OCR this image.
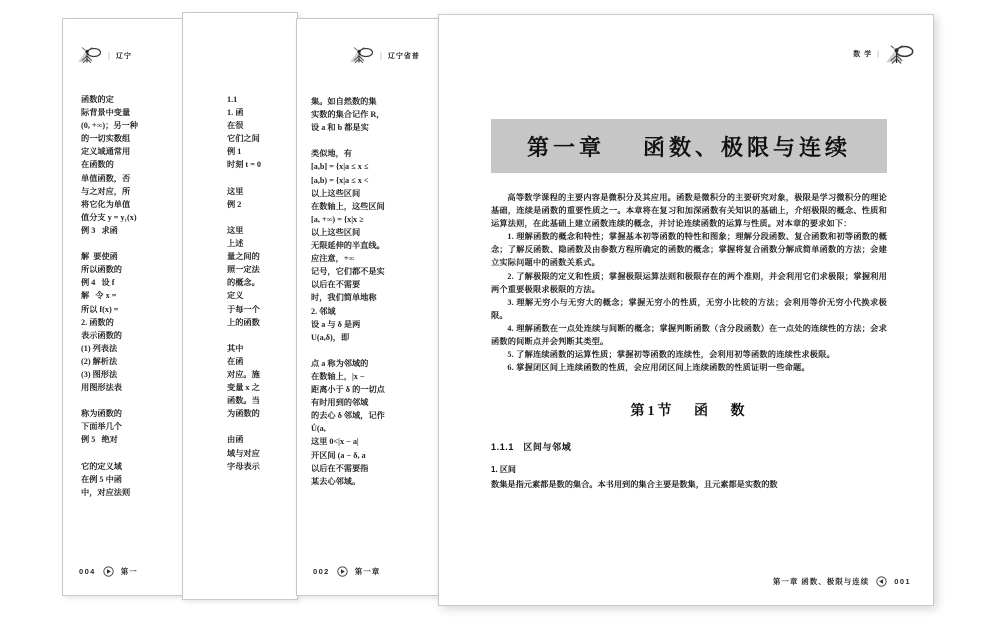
| 辽宁
函数的定
际背景中变量
(0, +∞)；另一种
的一切实数组
定义域通常用
在函数的
单值函数，否
与之对应，所
将它化为单值
值分支 y = y₁(x)
例 3   求函

解  要使函
所以函数的
例 4   设 f
解   令 x =
所以 f(x) =
2. 函数的
表示函数的
(1) 列表法
(2) 解析法
(3) 图形法
用图形法表

称为函数的
下面举几个
例 5   绝对

它的定义域
在例 5 中函
中，对应法则
004	第一
1.1
1. 函
在很
它们之间
例 1
时刻 t = 0

这里
例 2

这里
上述
量之间的
照一定法
的概念。
定义
于每一个
上的函数

其中
在函
对应。施
变量 x 之
函数。当
为函数的

由函
域与对应
字母表示
| 辽宁省普
集。如自然数的集
实数的集合记作 R，
设 a 和 b 都是实

类似地，有
[a,b] = {x|a ≤ x ≤
[a,b) = {x|a ≤ x <
以上这些区间
在数轴上，这些区间
[a, +∞) = {x|x ≥
以上这些区间
无限延伸的半直线。
应注意，+∞
记号，它们都不是实
以后在不需要
时，我们简单地称
2. 邻域
设 a 与 δ 是两
U(a,δ)，即

点 a 称为邻域的
在数轴上，|x −
距离小于 δ 的一切点
有时用到的邻域
的去心 δ 邻域，记作
Ů(a,
这里 0<|x − a|
开区间 (a − δ, a
以后在不需要指
某去心邻域。
002	第一章
数 学 |
第一章    函数、极限与连续

高等数学课程的主要内容是微积分及其应用。函数是微积分的主要研究对象，极限是学习微积分的理论基础，连续是函数的重要性质之一。本章将在复习和加深函数有关知识的基础上，介绍极限的概念、性质和运算法则，在此基础上建立函数连续的概念，并讨论连续函数的运算与性质。对本章的要求如下：

1. 理解函数的概念和特性；掌握基本初等函数的特性和图象；理解分段函数、复合函数和初等函数的概念；了解反函数、隐函数及由参数方程所确定的函数的概念；掌握将复合函数分解成简单函数的方法；会建立实际问题中的函数关系式。

2. 了解极限的定义和性质；掌握极限运算法则和极限存在的两个准则，并会利用它们求极限；掌握利用两个重要极限求极限的方法。

3. 理解无穷小与无穷大的概念；掌握无穷小的性质，无穷小比较的方法；会利用等价无穷小代换求极限。

4. 理解函数在一点处连续与间断的概念；掌握判断函数（含分段函数）在一点处的连续性的方法；会求函数的间断点并会判断其类型。

5. 了解连续函数的运算性质；掌握初等函数的连续性，会利用初等函数的连续性求极限。

6. 掌握闭区间上连续函数的性质，会应用闭区间上连续函数的性质证明一些命题。

第1节   函   数
1.1.1   区间与邻域
1. 区间
数集是指元素都是数的集合。本书用到的集合主要是数集，且元素都是实数的数
第一章 函数、极限与连续	001
